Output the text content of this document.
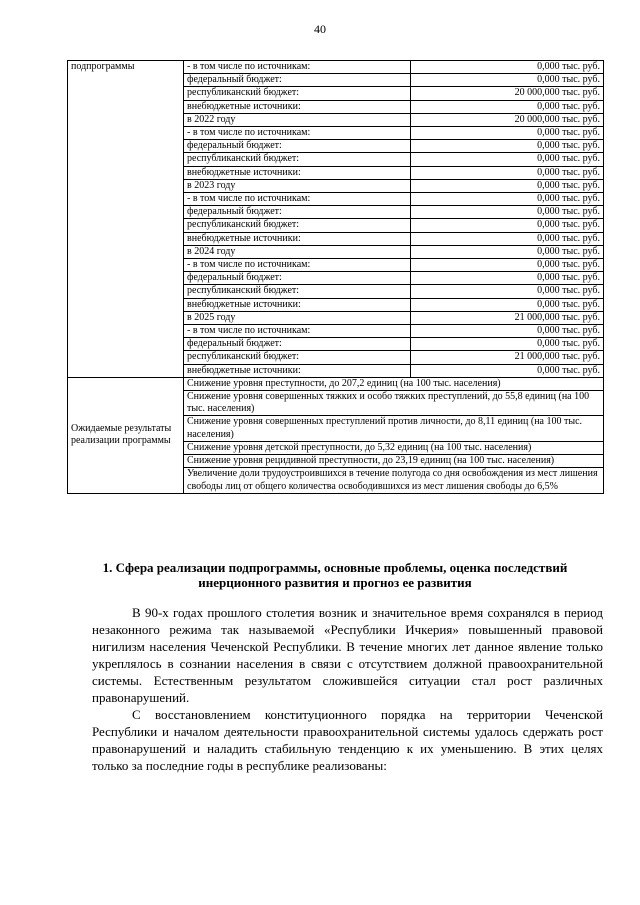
40
подпрограммы	- в том числе по источникам:	0,000 тыс. руб.
	федеральный бюджет:	0,000 тыс. руб.
	республиканский бюджет:	20 000,000 тыс. руб.
	внебюджетные источники:	0,000 тыс. руб.
	в 2022 году	20 000,000 тыс. руб.
	- в том числе по источникам:	0,000 тыс. руб.
	федеральный бюджет:	0,000 тыс. руб.
	республиканский бюджет:	0,000 тыс. руб.
	внебюджетные источники:	0,000 тыс. руб.
	в 2023 году	0,000 тыс. руб.
	- в том числе по источникам:	0,000 тыс. руб.
	федеральный бюджет:	0,000 тыс. руб.
	республиканский бюджет:	0,000 тыс. руб.
	внебюджетные источники:	0,000 тыс. руб.
	в 2024 году	0,000 тыс. руб.
	- в том числе по источникам:	0,000 тыс. руб.
	федеральный бюджет:	0,000 тыс. руб.
	республиканский бюджет:	0,000 тыс. руб.
	внебюджетные источники:	0,000 тыс. руб.
	в 2025 году	21 000,000 тыс. руб.
	- в том числе по источникам:	0,000 тыс. руб.
	федеральный бюджет:	0,000 тыс. руб.
	республиканский бюджет:	21 000,000 тыс. руб.
	внебюджетные источники:	0,000 тыс. руб.
Ожидаемые результаты реализации программы	Снижение уровня преступности, до 207,2 единиц (на 100 тыс. населения)	
	Снижение уровня совершенных тяжких и особо тяжких преступлений, до 55,8 единиц (на 100 тыс. населения)	
	Снижение уровня совершенных преступлений против личности, до 8,11 единиц (на 100 тыс. населения)	
	Снижение уровня детской преступности, до 5,32 единиц (на 100 тыс. населения)	
	Снижение уровня рецидивной преступности, до 23,19 единиц (на 100 тыс. населения)	
	Увеличение доли трудоустроившихся в течение полугода со дня освобождения из мест лишения свободы лиц от общего количества освободившихся из мест лишения свободы до 6,5%	
1. Сфера реализации подпрограммы, основные проблемы, оценка последствий инерционного развития и прогноз ее развития

В 90-х годах прошлого столетия возник и значительное время сохранялся в период незаконного режима так называемой «Республики Ичкерия» повышенный правовой нигилизм населения Чеченской Республики. В течение многих лет данное явление только укреплялось в сознании населения в связи с отсутствием должной правоохранительной системы. Естественным результатом сложившейся ситуации стал рост различных правонарушений.

С восстановлением конституционного порядка на территории Чеченской Республики и началом деятельности правоохранительной системы удалось сдержать рост правонарушений и наладить стабильную тенденцию к их уменьшению. В этих целях только за последние годы в республике реализованы:
